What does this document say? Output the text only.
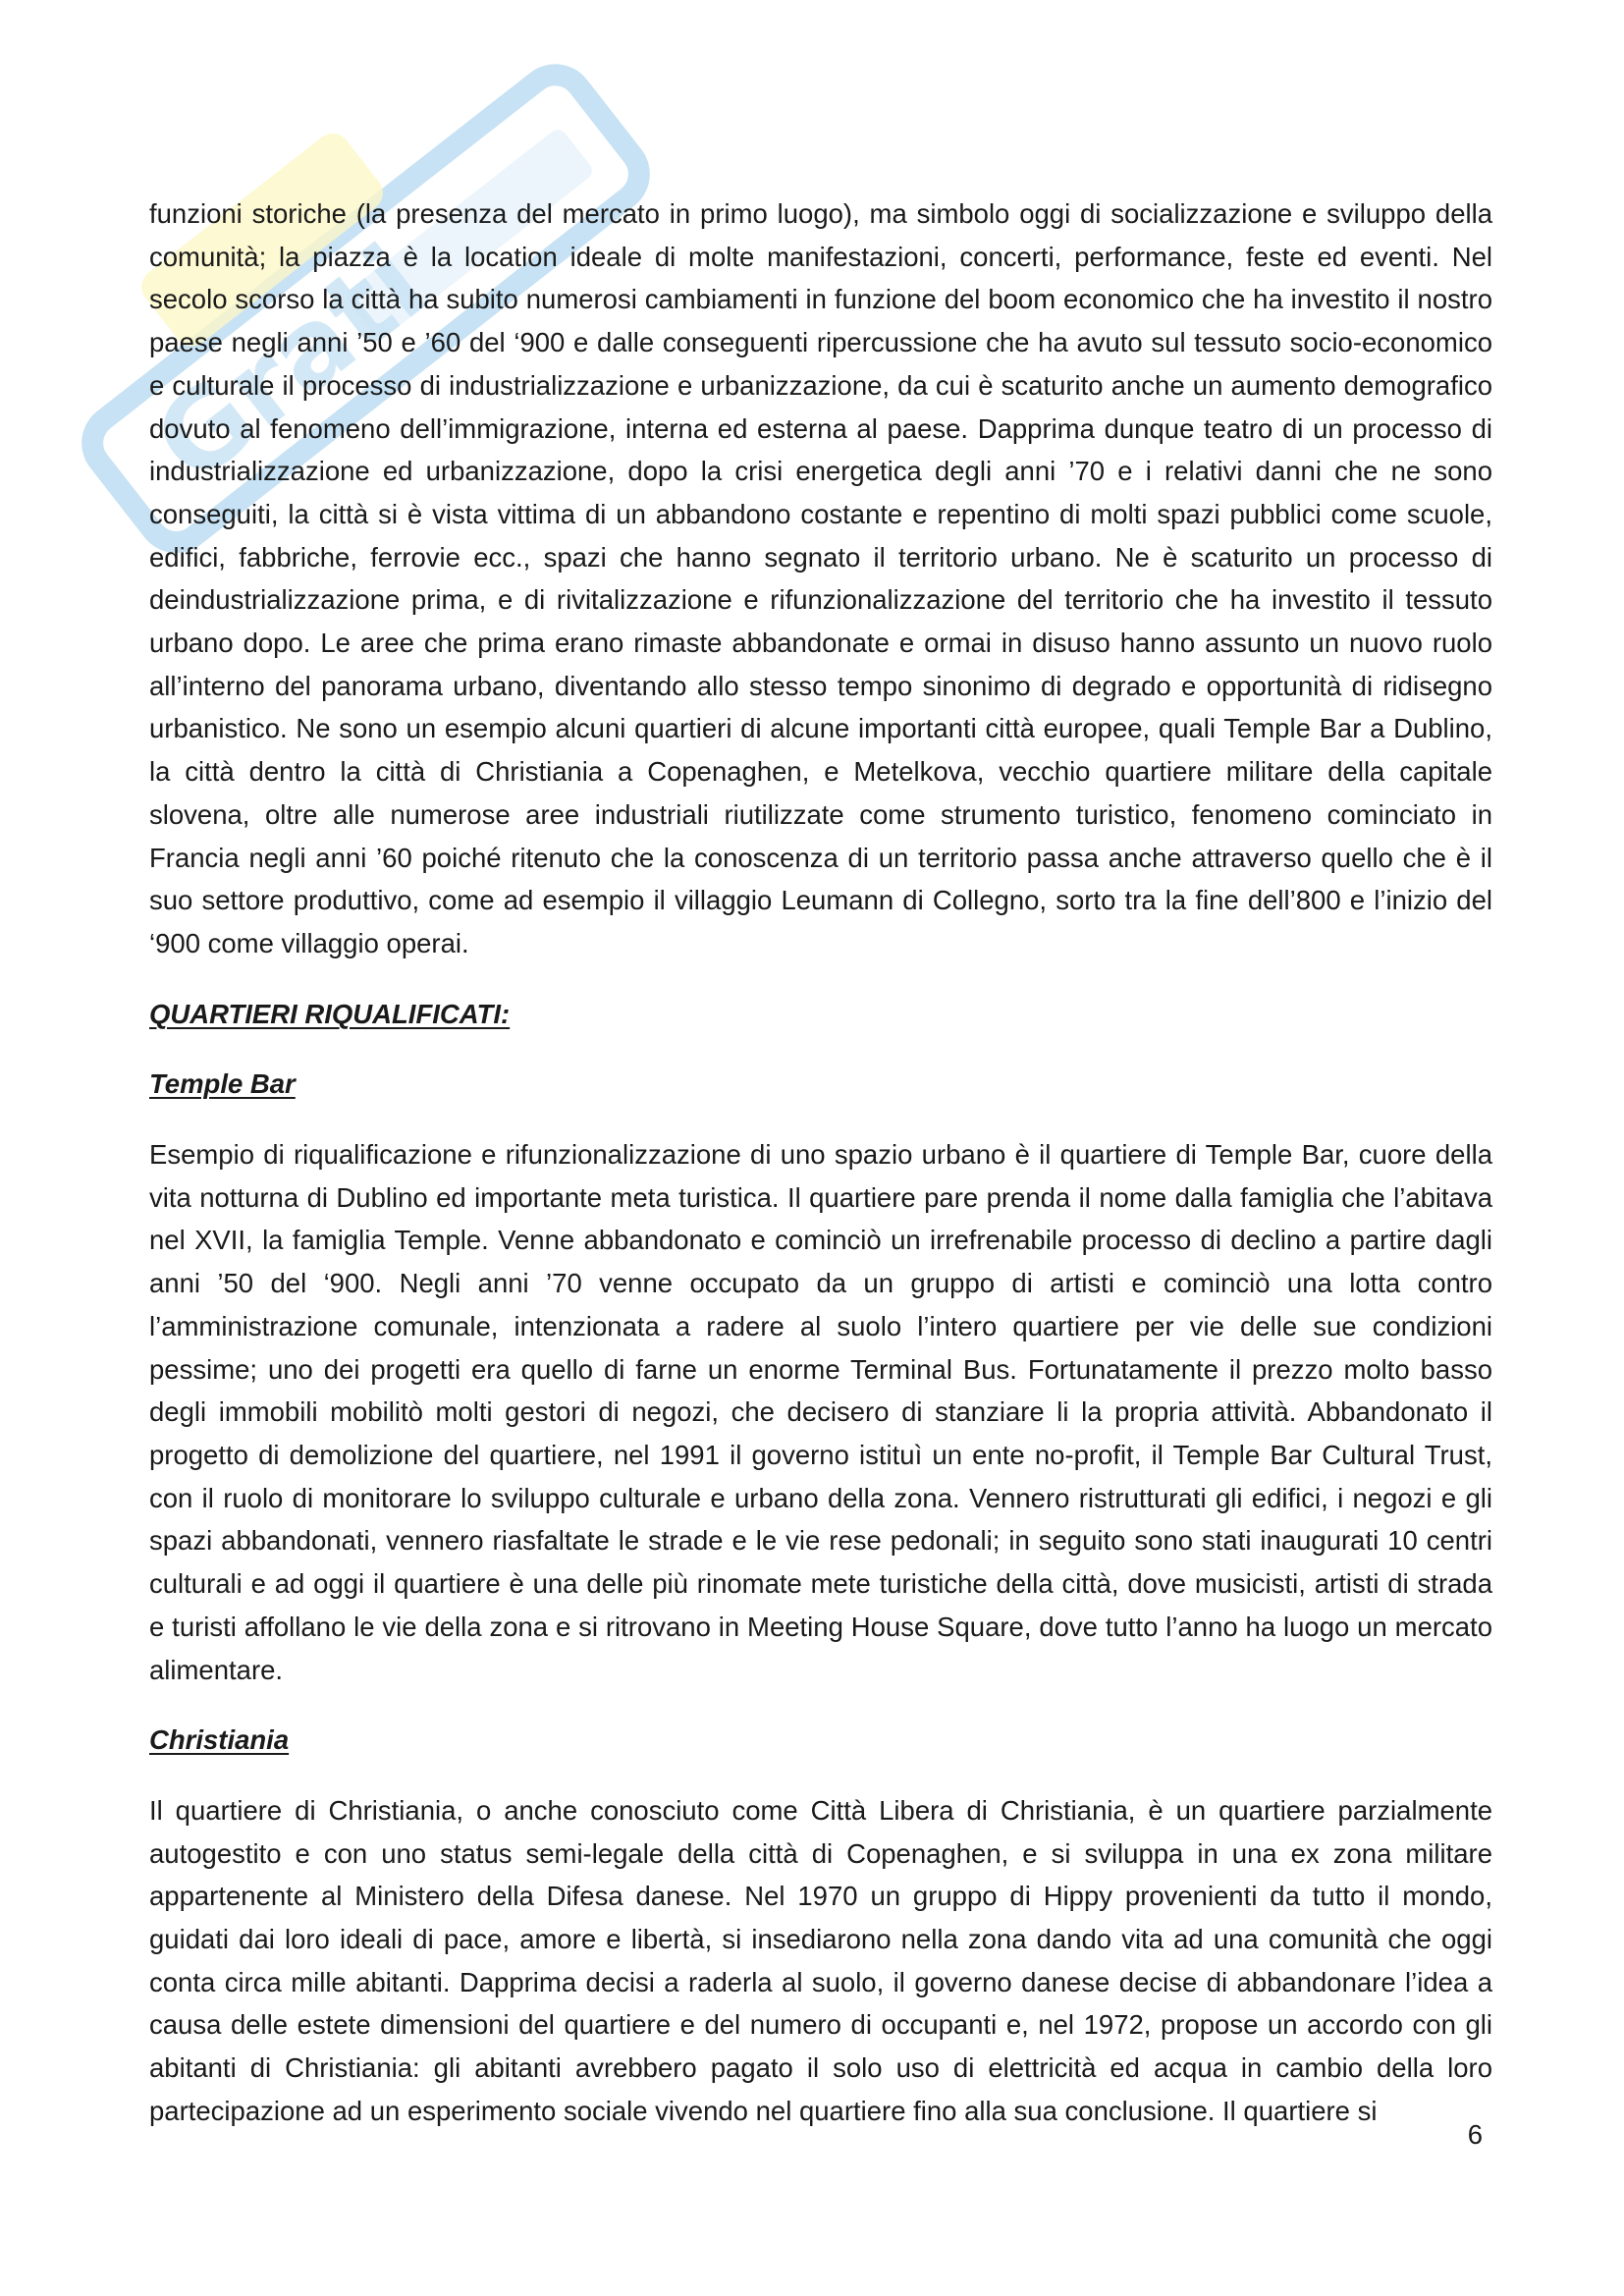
Grati

funzioni storiche (la presenza del mercato in primo luogo), ma simbolo oggi di socializzazione e sviluppo della comunità; la piazza è la location ideale di molte manifestazioni, concerti, performance, feste ed eventi. Nel secolo scorso la città ha subito numerosi cambiamenti in funzione del boom economico che ha investito il nostro paese negli anni ’50 e ’60 del ‘900 e dalle conseguenti ripercussione che ha avuto sul tessuto socio-economico e culturale il processo di industrializzazione e urbanizzazione, da cui è scaturito anche un aumento demografico dovuto al fenomeno dell’immigrazione, interna ed esterna al paese. Dapprima dunque teatro di un processo di industrializzazione ed urbanizzazione, dopo la crisi energetica degli anni ’70 e i relativi danni che ne sono conseguiti, la città si è vista vittima di un abbandono costante e repentino di molti spazi pubblici come scuole, edifici, fabbriche, ferrovie ecc., spazi che hanno segnato il territorio urbano. Ne è scaturito un processo di deindustrializzazione prima, e di rivitalizzazione e rifunzionalizzazione del territorio che ha investito il tessuto urbano dopo. Le aree che prima erano rimaste abbandonate e ormai in disuso hanno assunto un nuovo ruolo all’interno del panorama urbano, diventando allo stesso tempo sinonimo di degrado e opportunità di ridisegno urbanistico. Ne sono un esempio alcuni quartieri di alcune importanti città europee, quali Temple Bar a Dublino, la città dentro la città di Christiania a Copenaghen, e Metelkova, vecchio quartiere militare della capitale slovena, oltre alle numerose aree industriali riutilizzate come strumento turistico, fenomeno cominciato in Francia negli anni ’60 poiché ritenuto che la conoscenza di un territorio passa anche attraverso quello che è il suo settore produttivo, come ad esempio il villaggio Leumann di Collegno, sorto tra la fine dell’800 e l’inizio del ‘900 come villaggio operai.

QUARTIERI RIQUALIFICATI:

Temple Bar

Esempio di riqualificazione e rifunzionalizzazione di uno spazio urbano è il quartiere di Temple Bar, cuore della vita notturna di Dublino ed importante meta turistica. Il quartiere pare prenda il nome dalla famiglia che l’abitava nel XVII, la famiglia Temple. Venne abbandonato e cominciò un irrefrenabile processo di declino a partire dagli anni ’50 del ‘900. Negli anni ’70 venne occupato da un gruppo di artisti e cominciò una lotta contro l’amministrazione comunale, intenzionata a radere al suolo l’intero quartiere per vie delle sue condizioni pessime; uno dei progetti era quello di farne un enorme Terminal Bus. Fortunatamente il prezzo molto basso degli immobili mobilitò molti gestori di negozi, che decisero di stanziare li la propria attività. Abbandonato il progetto di demolizione del quartiere, nel 1991 il governo istituì un ente no-profit, il Temple Bar Cultural Trust, con il ruolo di monitorare lo sviluppo culturale e urbano della zona. Vennero ristrutturati gli edifici, i negozi e gli spazi abbandonati, vennero riasfaltate le strade e le vie rese pedonali; in seguito sono stati inaugurati 10 centri culturali e ad oggi il quartiere è una delle più rinomate mete turistiche della città, dove musicisti, artisti di strada e turisti affollano le vie della zona e si ritrovano in Meeting House Square, dove tutto l’anno ha luogo un mercato alimentare.

Christiania

Il quartiere di Christiania, o anche conosciuto come Città Libera di Christiania, è un quartiere parzialmente autogestito e con uno status semi-legale della città di Copenaghen, e si sviluppa in una ex zona militare appartenente al Ministero della Difesa danese. Nel 1970 un gruppo di Hippy provenienti da tutto il mondo, guidati dai loro ideali di pace, amore e libertà, si insediarono nella zona dando vita ad una comunità che oggi conta circa mille abitanti. Dapprima decisi a raderla al suolo, il governo danese decise di abbandonare l’idea a causa delle estete dimensioni del quartiere e del numero di occupanti e, nel 1972, propose un accordo con gli abitanti di Christiania: gli abitanti avrebbero pagato il solo uso di elettricità ed acqua in cambio della loro partecipazione ad un esperimento sociale vivendo nel quartiere fino alla sua conclusione. Il quartiere si

6
